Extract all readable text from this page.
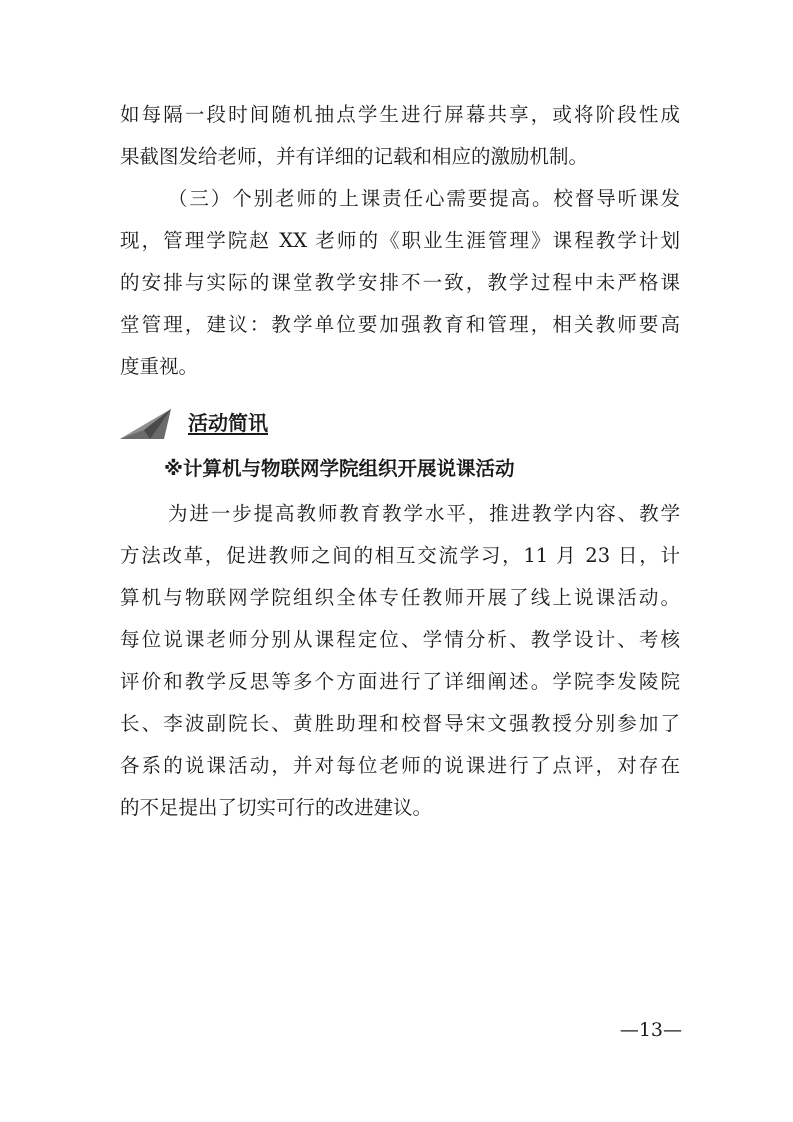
如每隔一段时间随机抽点学生进行屏幕共享，或将阶段性成
果截图发给老师，并有详细的记载和相应的激励机制。
（三）个别老师的上课责任心需要提高。校督导听课发
现，管理学院赵 XX 老师的《职业生涯管理》课程教学计划
的安排与实际的课堂教学安排不一致，教学过程中未严格课
堂管理，建议：教学单位要加强教育和管理，相关教师要高
度重视。
活动简讯
※计算机与物联网学院组织开展说课活动
为进一步提高教师教育教学水平，推进教学内容、教学
方法改革，促进教师之间的相互交流学习，11 月 23 日，计
算机与物联网学院组织全体专任教师开展了线上说课活动。
每位说课老师分别从课程定位、学情分析、教学设计、考核
评价和教学反思等多个方面进行了详细阐述。学院李发陵院
长、李波副院长、黄胜助理和校督导宋文强教授分别参加了
各系的说课活动，并对每位老师的说课进行了点评，对存在
的不足提出了切实可行的改进建议。
—13—
